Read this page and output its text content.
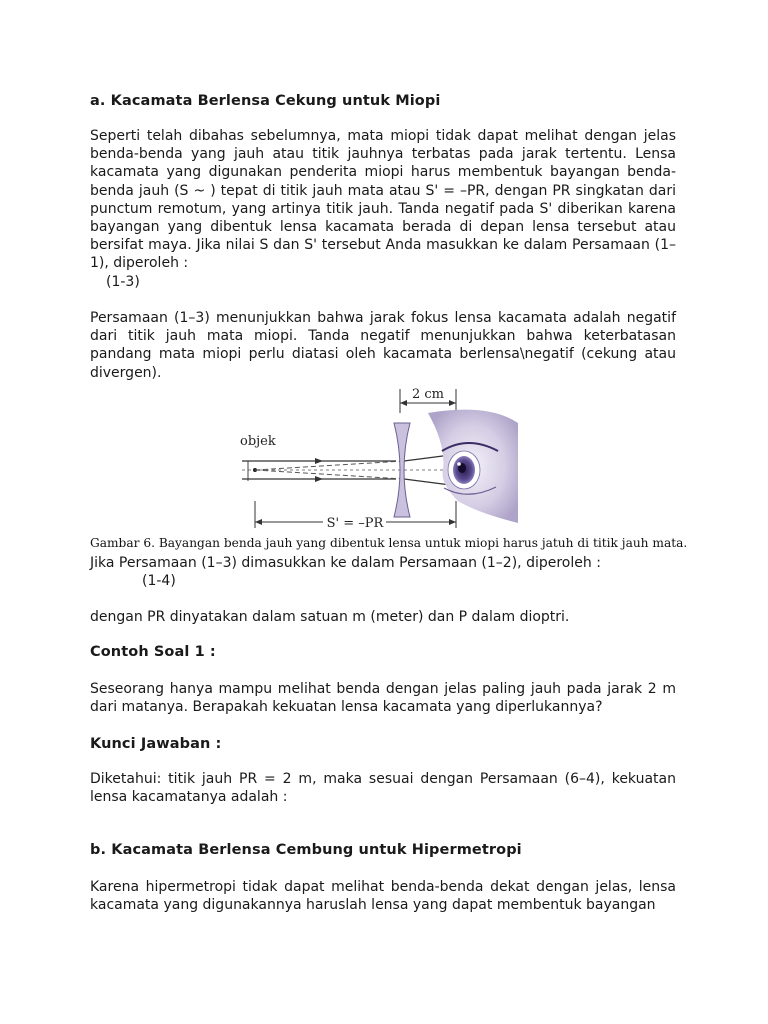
a. Kacamata Berlensa Cekung untuk Miopi

Seperti telah dibahas sebelumnya, mata miopi tidak dapat melihat dengan jelas benda-benda yang jauh atau titik jauhnya terbatas pada jarak tertentu. Lensa kacamata yang digunakan penderita miopi harus membentuk bayangan benda-benda jauh (S ~ ) tepat di titik jauh mata atau S' = –PR, dengan PR singkatan dari punctum remotum, yang artinya titik jauh. Tanda negatif pada S' diberikan karena bayangan yang dibentuk lensa kacamata berada di depan lensa tersebut atau bersifat maya. Jika nilai S dan S' tersebut Anda masukkan ke dalam Persamaan (1–1), diperoleh :

(1-3)

Persamaan (1–3) menunjukkan bahwa jarak fokus lensa kacamata adalah negatif dari titik jauh mata miopi. Tanda negatif menunjukkan bahwa keterbatasan pandang mata miopi perlu diatasi oleh kacamata berlensa\negatif (cekung atau divergen).

2 cm
objek
S' = –PR
Gambar 6. Bayangan benda jauh yang dibentuk lensa untuk miopi harus jatuh di titik jauh mata.
Jika Persamaan (1–3) dimasukkan ke dalam Persamaan (1–2), diperoleh :
(1-4)
dengan PR dinyatakan dalam satuan m (meter) dan P dalam dioptri.
Contoh Soal 1 :

Seseorang hanya mampu melihat benda dengan jelas paling jauh pada jarak 2 m dari matanya. Berapakah kekuatan lensa kacamata yang diperlukannya?

Kunci Jawaban :

Diketahui: titik jauh PR = 2 m, maka sesuai dengan Persamaan (6–4), kekuatan lensa kacamatanya adalah :

b. Kacamata Berlensa Cembung untuk Hipermetropi

Karena hipermetropi tidak dapat melihat benda-benda dekat dengan jelas, lensa kacamata yang digunakannya haruslah lensa yang dapat membentuk bayangan
